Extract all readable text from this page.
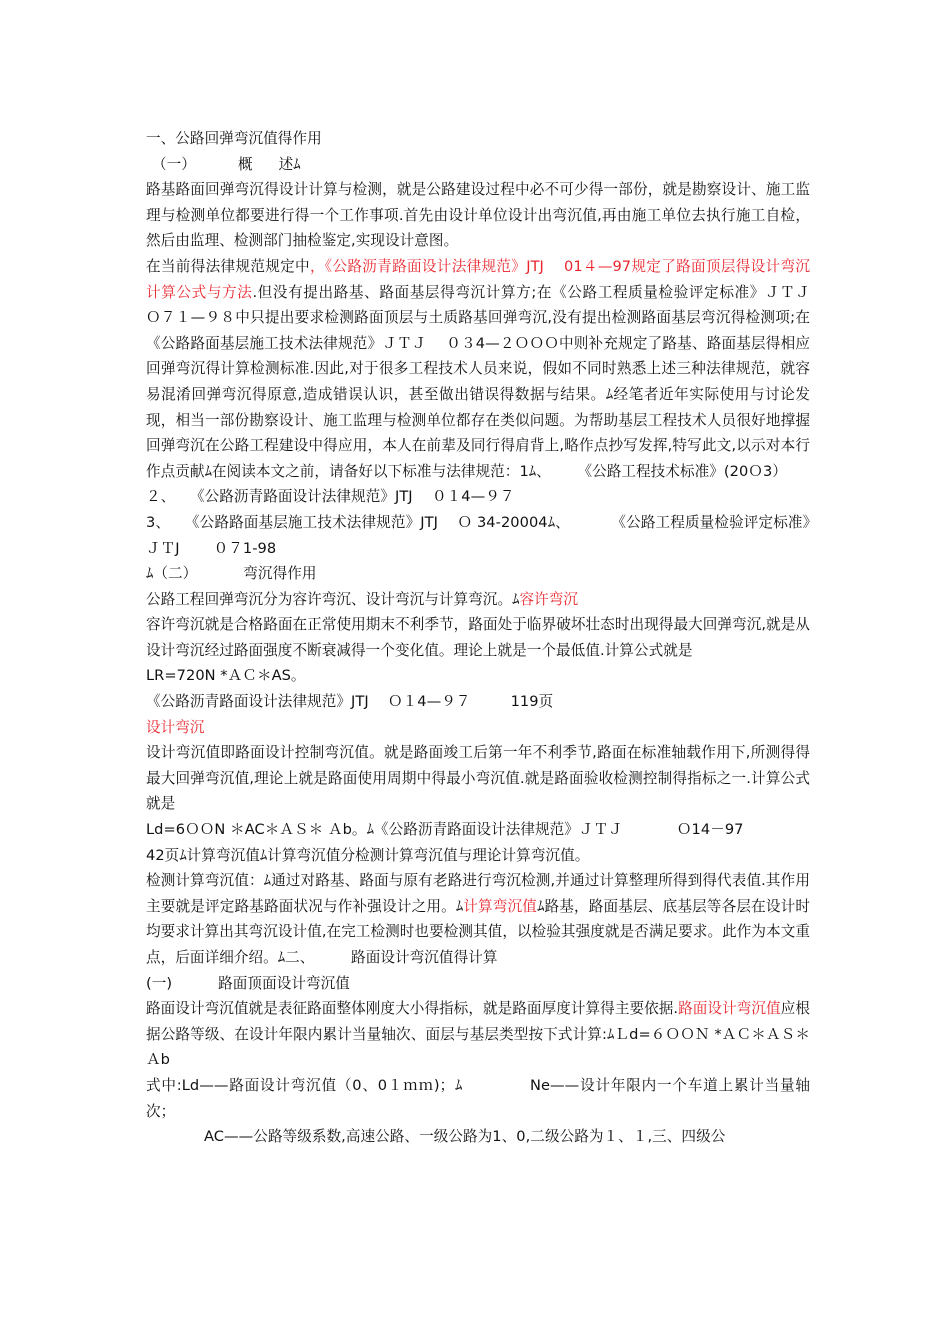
一、公路回弹弯沉值得作用
（一）	概 述ﾑ
路基路面回弹弯沉得设计计算与检测，就是公路建设过程中必不可少得一部份，就是勘察设计、施工监理与检测单位都要进行得一个工作事项.首先由设计单位设计出弯沉值,再由施工单位去执行施工自检，然后由监理、检测部门抽检鉴定,实现设计意图。
在当前得法律规范规定中，《公路沥青路面设计法律规范》JTJ　 01４—97规定了路面顶层得设计弯沉计算公式与方法.但没有提出路基、路面基层得弯沉计算方;在《公路工程质量检验评定标准》ＪＴＪ　 Ｏ７１—９８中只提出要求检测路面顶层与土质路基回弹弯沉,没有提出检测路面基层弯沉得检测项;在《公路路面基层施工技术法律规范》ＪＴＪ　 ０３4—２ＯＯＯ中则补充规定了路基、路面基层得相应回弹弯沉得计算检测标准.因此,对于很多工程技术人员来说，假如不同时熟悉上述三种法律规范，就容易混淆回弹弯沉得原意,造成错误认识，甚至做出错误得数据与结果。ﾑ经笔者近年实际使用与讨论发现，相当一部份勘察设计、施工监理与检测单位都存在类似问题。为帮助基层工程技术人员很好地撑握回弹弯沉在公路工程建设中得应用，本人在前辈及同行得肩背上,略作点抄写发挥,特写此文,以示对本行作点贡献ﾑ在阅读本文之前，请备好以下标准与法律规范：1ﾑ、　　 《公路工程技术标准》(20Ｏ3）
２、　　《公路沥青路面设计法律规范》JTJ　 ０１4—９７
3、　　《公路路面基层施工技术法律规范》JTJ　 Ｏ 34-20004ﾑ、　　　 《公路工程质量检验评定标准》ＪＴJ　　 ０７1-98
ﾑ（二）	弯沉得作用
公路工程回弹弯沉分为容许弯沉、设计弯沉与计算弯沉。ﾑ容许弯沉
容许弯沉就是合格路面在正常使用期末不利季节，路面处于临界破坏壮态时出现得最大回弹弯沉,就是从设计弯沉经过路面强度不断衰减得一个变化值。理论上就是一个最低值.计算公式就是
LR=720N *ＡＣ＊AS。
《公路沥青路面设计法律规范》JTJ　 Ｏ１4—９７	119页
设计弯沉
设计弯沉值即路面设计控制弯沉值。就是路面竣工后第一年不利季节,路面在标准轴载作用下,所测得得最大回弹弯沉值,理论上就是路面使用周期中得最小弯沉值.就是路面验收检测控制得指标之一.计算公式就是
Ld=6ＯＯN ＊AC＊ＡＳ＊ Ａb。ﾑ《公路沥青路面设计法律规范》ＪＴＪ	Ｏ14－97
42页ﾑ计算弯沉值ﾑ计算弯沉值分检测计算弯沉值与理论计算弯沉值。
检测计算弯沉值：ﾑ通过对路基、路面与原有老路进行弯沉检测,并通过计算整理所得到得代表值.其作用主要就是评定路基路面状况与作补强设计之用。ﾑ计算弯沉值ﾑ路基，路面基层、底基层等各层在设计时均要求计算出其弯沉设计值,在完工检测时也要检测其值，以检验其强度就是否满足要求。此作为本文重点，后面详细介绍。ﾑ二、　　　路面设计弯沉值得计算
(一)	路面顶面设计弯沉值
路面设计弯沉值就是表征路面整体刚度大小得指标，就是路面厚度计算得主要依据.路面设计弯沉值应根据公路等级、在设计年限内累计当量轴次、面层与基层类型按下式计算:ﾑＬd=６ＯＯＮ *ＡＣ＊ＡＳ＊Ａb
式中:Ld——路面设计弯沉值（0、0１ｍｍ)；ﾑ　　　　 Ne——设计年限内一个车道上累计当量轴次；
AC——公路等级系数,高速公路、一级公路为1、0,二级公路为１、１,三、四级公
